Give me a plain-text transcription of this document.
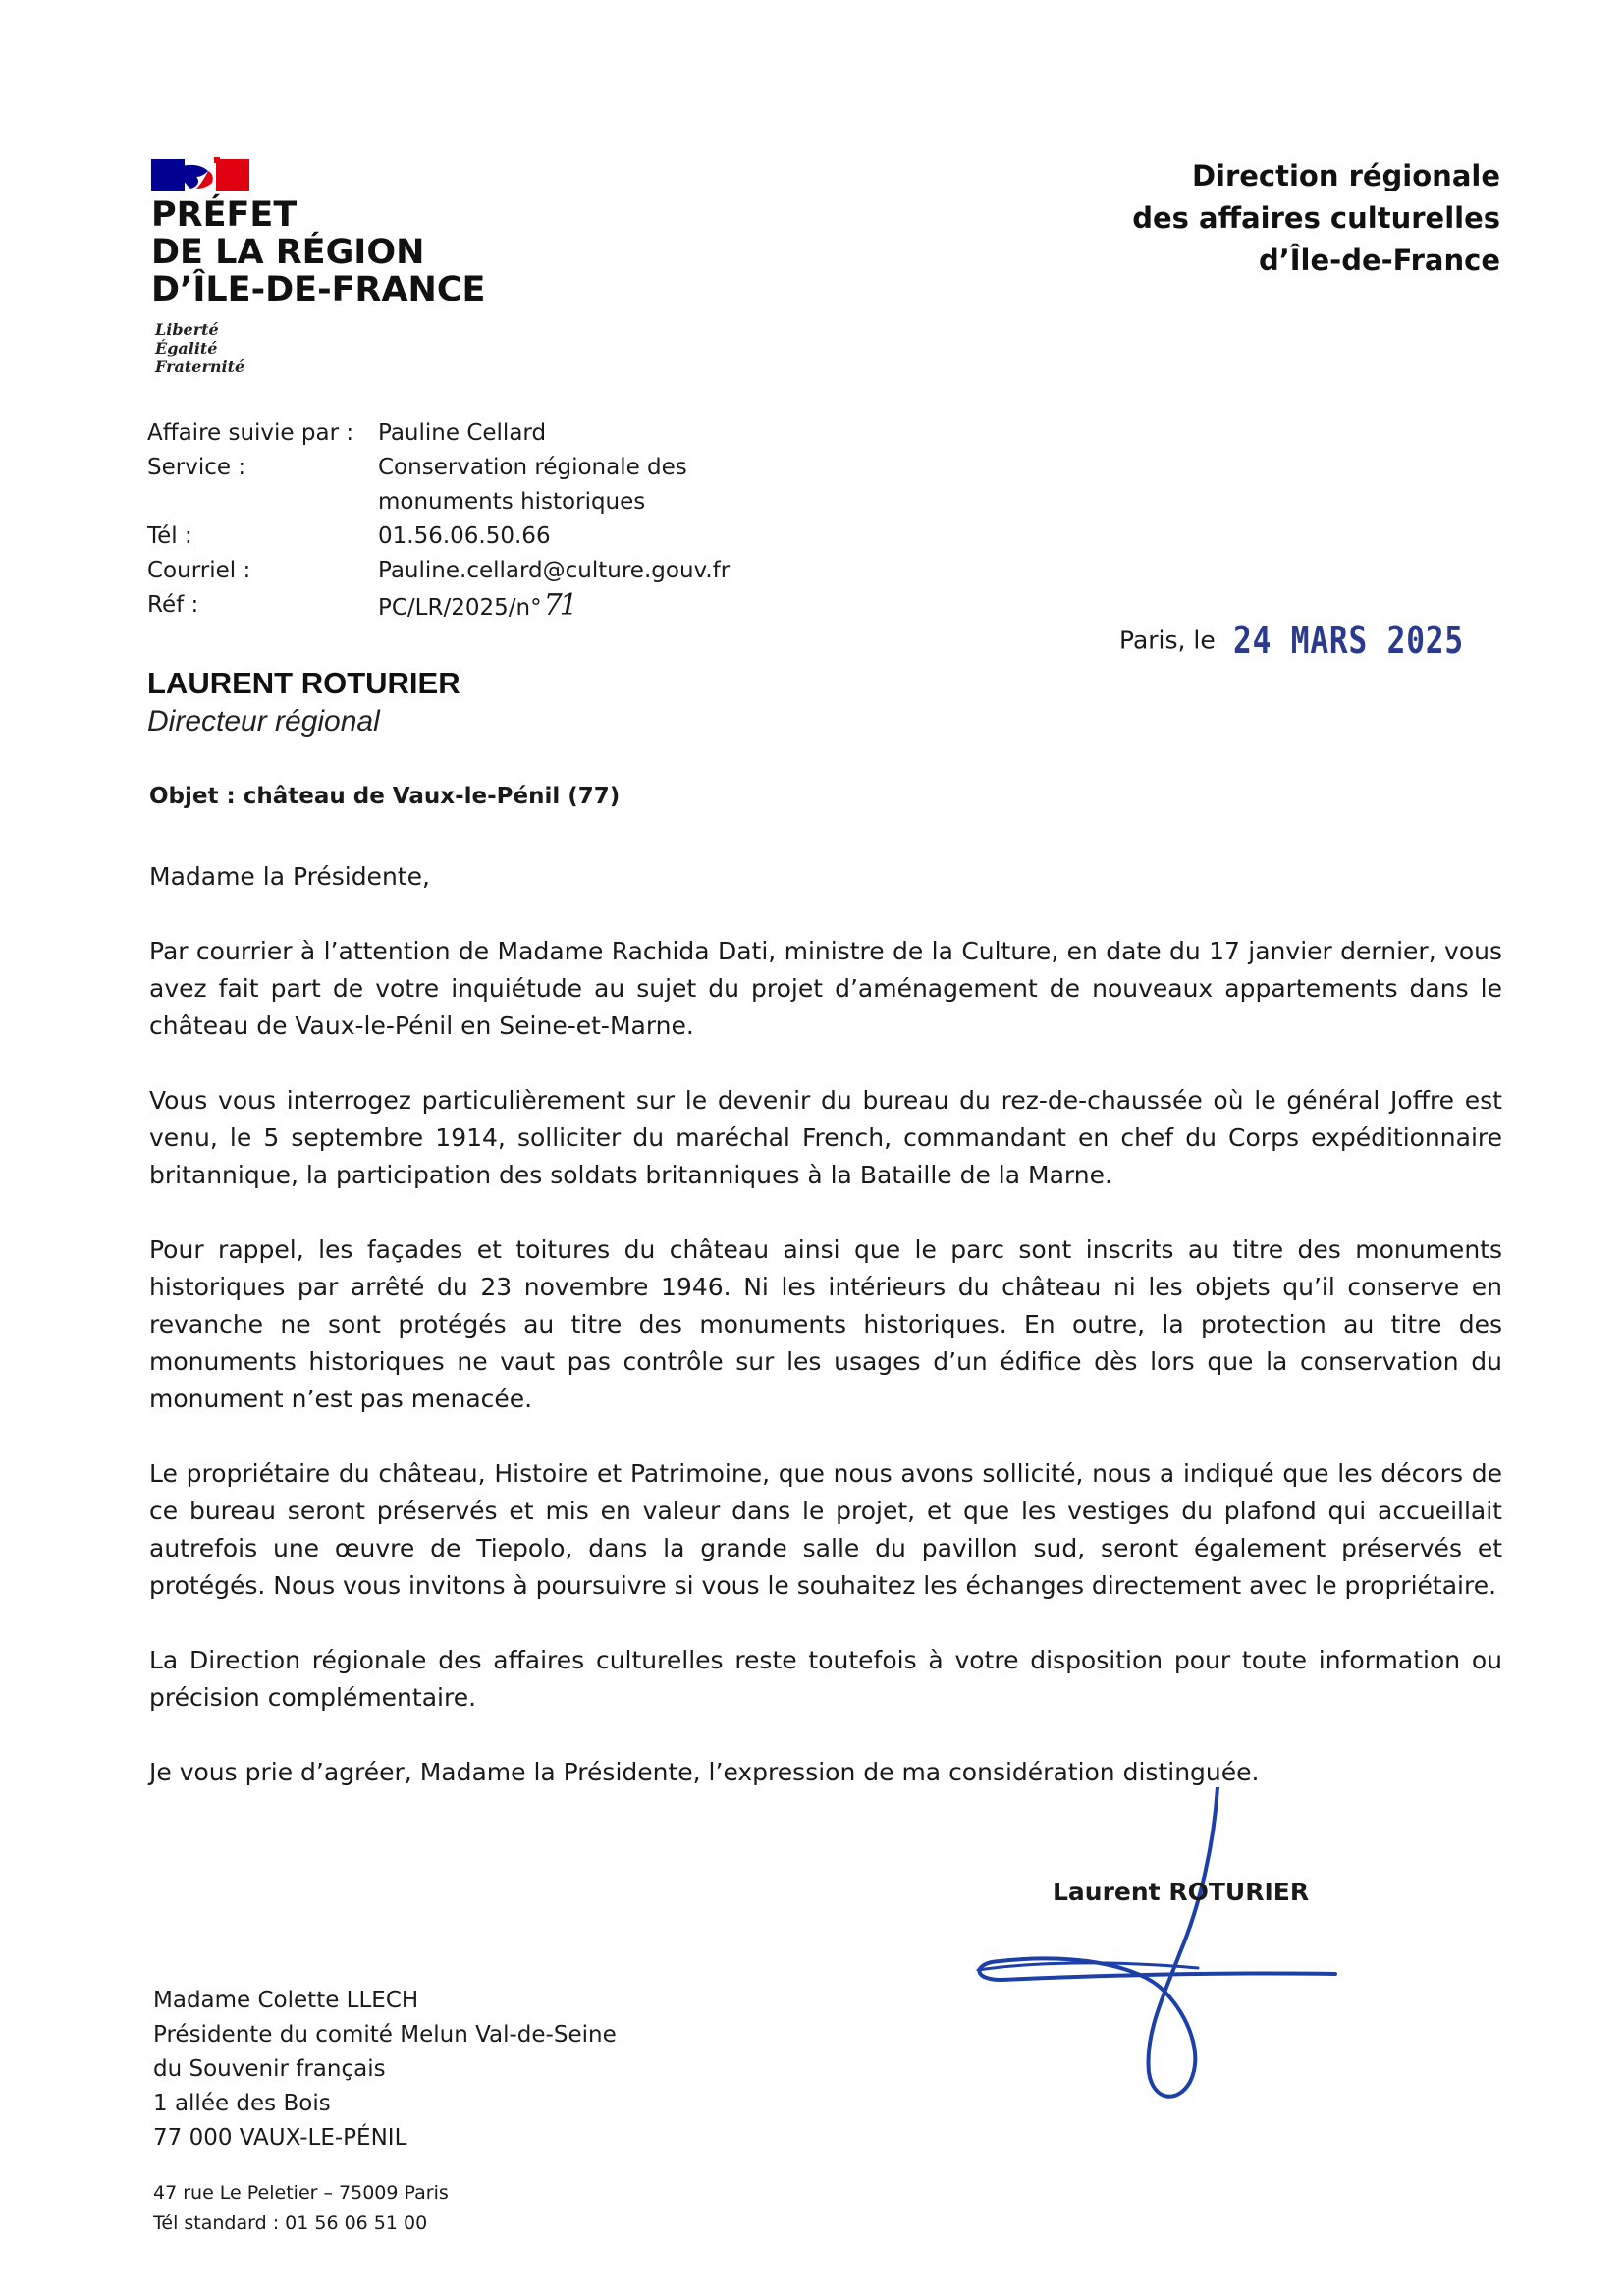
PRÉFET
DE LA RÉGION
D’ÎLE-DE-FRANCE
Liberté
Égalité
Fraternité
Direction régionale
des affaires culturelles
d’Île-de-France
Affaire suivie par :	Pauline Cellard
Service :	Conservation régionale des
monuments historiques
Tél :	01.56.06.50.66
Courriel :	Pauline.cellard@culture.gouv.fr
Réf :	PC/LR/2025/n°71
Paris, le 24 MARS 2025
LAURENT ROTURIER
Directeur régional
Objet : château de Vaux-le-Pénil (77)

Madame la Présidente,

Par courrier à l’attention de Madame Rachida Dati, ministre de la Culture, en date du 17 janvier dernier, vous avez fait part de votre inquiétude au sujet du projet d’aménagement de nouveaux appartements dans le château de Vaux-le-Pénil en Seine-et-Marne.

Vous vous interrogez particulièrement sur le devenir du bureau du rez-de-chaussée où le général Joffre est venu, le 5 septembre 1914, solliciter du maréchal French, commandant en chef du Corps expéditionnaire britannique, la participation des soldats britanniques à la Bataille de la Marne.

Pour rappel, les façades et toitures du château ainsi que le parc sont inscrits au titre des monuments historiques par arrêté du 23 novembre 1946. Ni les intérieurs du château ni les objets qu’il conserve en revanche ne sont protégés au titre des monuments historiques. En outre, la protection au titre des monuments historiques ne vaut pas contrôle sur les usages d’un édifice dès lors que la conservation du monument n’est pas menacée.

Le propriétaire du château, Histoire et Patrimoine, que nous avons sollicité, nous a indiqué que les décors de ce bureau seront préservés et mis en valeur dans le projet, et que les vestiges du plafond qui accueillait autrefois une œuvre de Tiepolo, dans la grande salle du pavillon sud, seront également préservés et protégés. Nous vous invitons à poursuivre si vous le souhaitez les échanges directement avec le propriétaire.

La Direction régionale des affaires culturelles reste toutefois à votre disposition pour toute information ou précision complémentaire.

Je vous prie d’agréer, Madame la Présidente, l’expression de ma considération distinguée.

Laurent ROTURIER
Madame Colette LLECH
Présidente du comité Melun Val-de-Seine
du Souvenir français
1 allée des Bois
77 000 VAUX-LE-PÉNIL
47 rue Le Peletier – 75009 Paris
Tél standard : 01 56 06 51 00
